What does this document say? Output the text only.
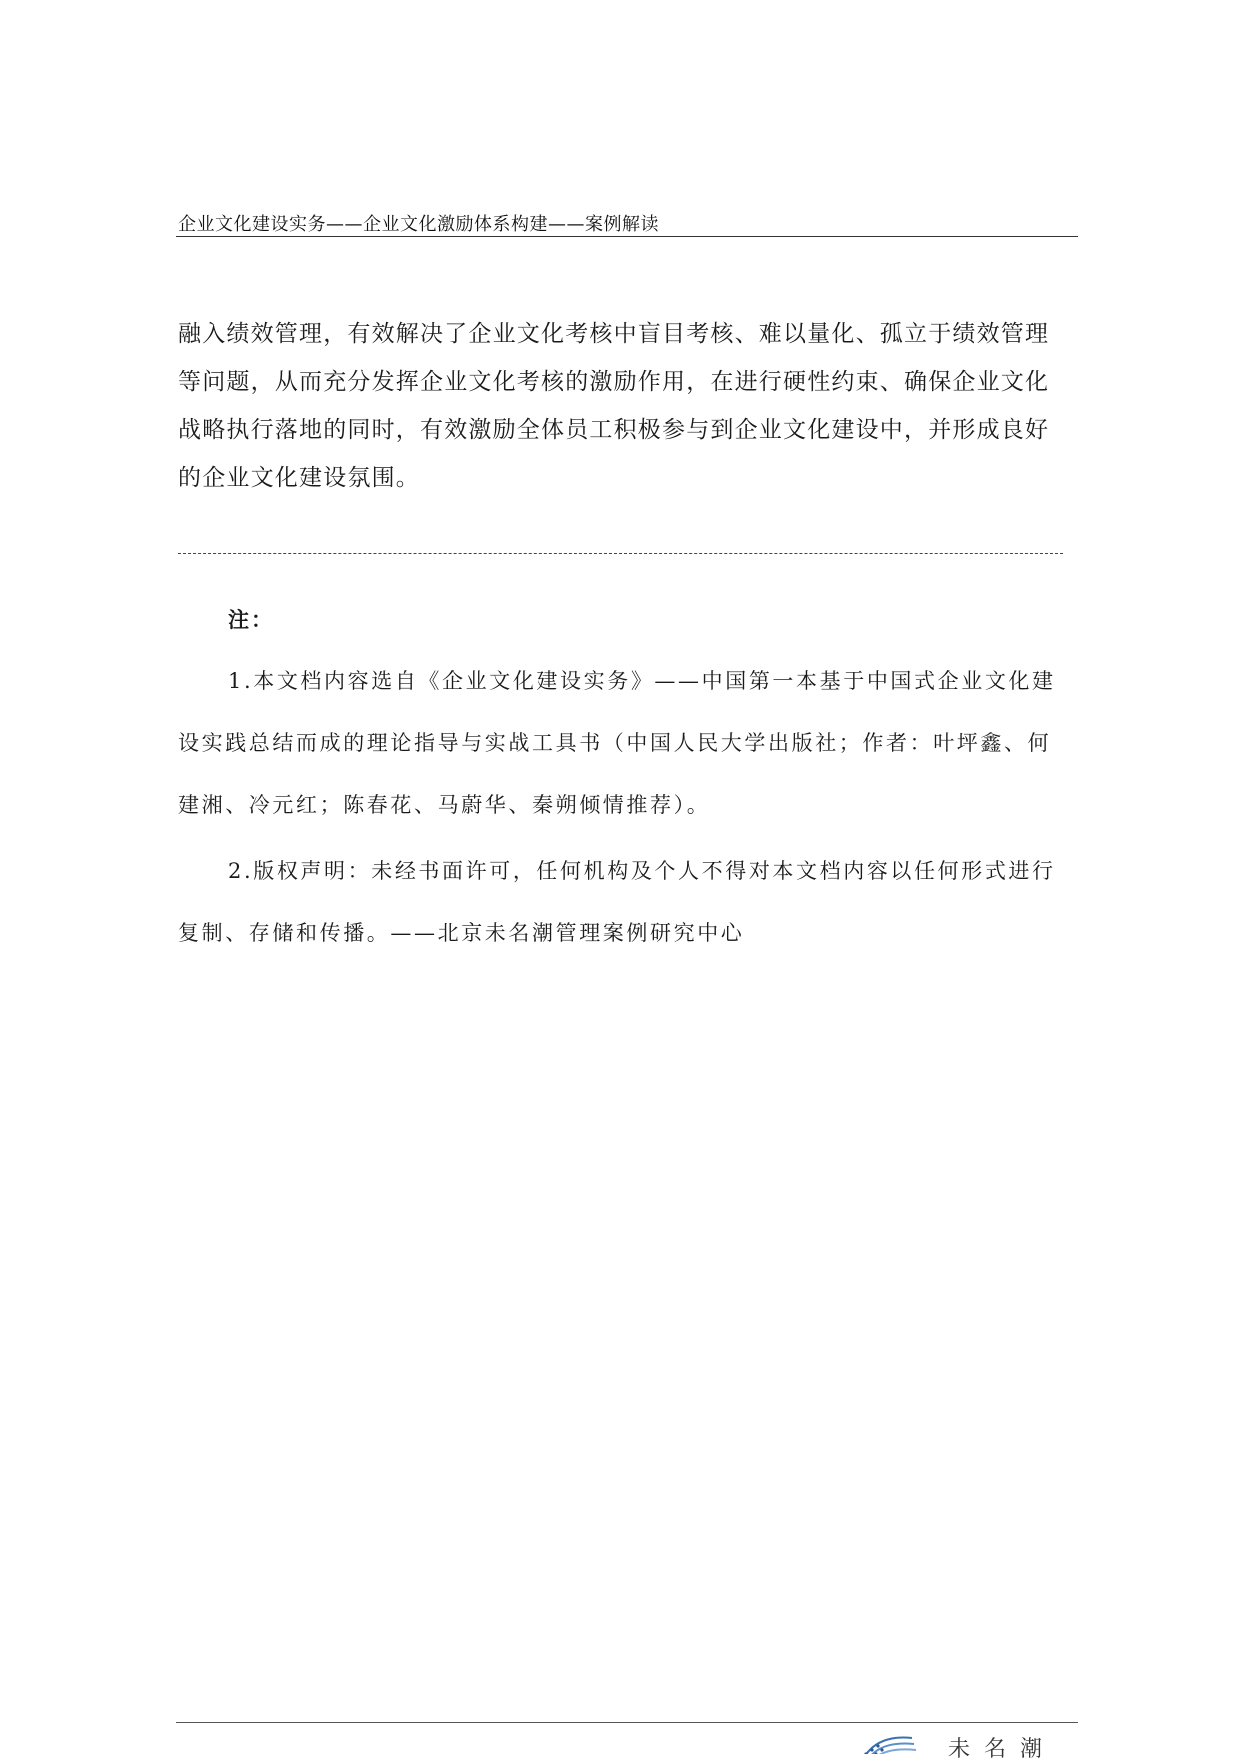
企业文化建设实务——企业文化激励体系构建——案例解读

融入绩效管理，有效解决了企业文化考核中盲目考核、难以量化、孤立于绩效管理等问题，从而充分发挥企业文化考核的激励作用，在进行硬性约束、确保企业文化战略执行落地的同时，有效激励全体员工积极参与到企业文化建设中，并形成良好的企业文化建设氛围。

注：

1.本文档内容选自《企业文化建设实务》——中国第一本基于中国式企业文化建设实践总结而成的理论指导与实战工具书（中国人民大学出版社；作者：叶坪鑫、何建湘、冷元红；陈春花、马蔚华、秦朔倾情推荐）。

2.版权声明：未经书面许可，任何机构及个人不得对本文档内容以任何形式进行复制、存储和传播。——北京未名潮管理案例研究中心

未名潮
